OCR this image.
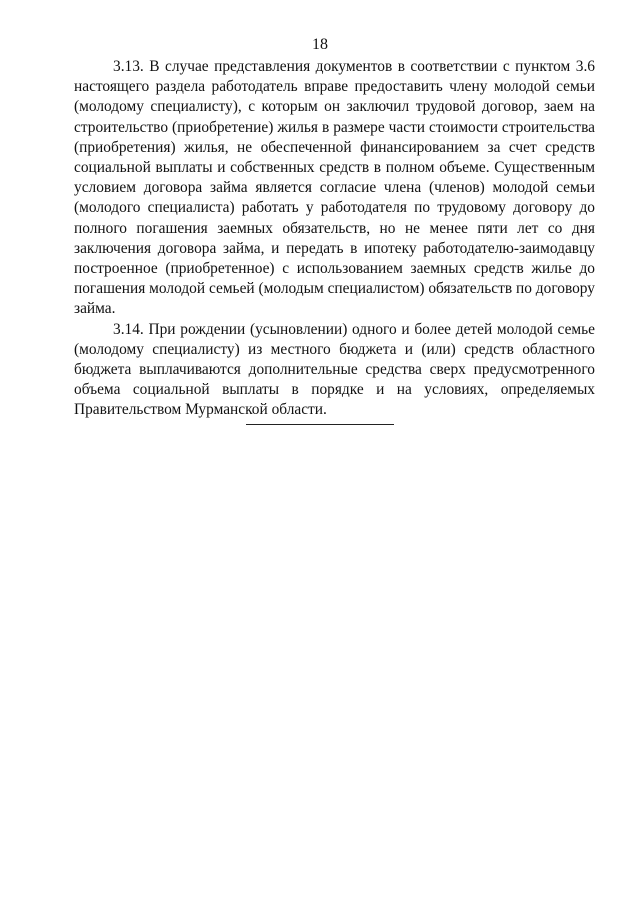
18

3.13. В случае представления документов в соответствии с пунктом 3.6 настоящего раздела работодатель вправе предоставить члену молодой семьи (молодому специалисту), с которым он заключил трудовой договор, заем на строительство (приобретение) жилья в размере части стоимости строительства (приобретения) жилья, не обеспеченной финансированием за счет средств социальной выплаты и собственных средств в полном объеме. Существенным условием договора займа является согласие члена (членов) молодой семьи (молодого специалиста) работать у работодателя по трудовому договору до полного погашения заемных обязательств, но не менее пяти лет со дня заключения договора займа, и передать в ипотеку работодателю-заимодавцу построенное (приобретенное) с использованием заемных средств жилье до погашения молодой семьей (молодым специалистом) обязательств по договору займа.

3.14. При рождении (усыновлении) одного и более детей молодой семье (молодому специалисту) из местного бюджета и (или) средств областного бюджета выплачиваются дополнительные средства сверх предусмотренного объема социальной выплаты в порядке и на условиях, определяемых Правительством Мурманской области.
